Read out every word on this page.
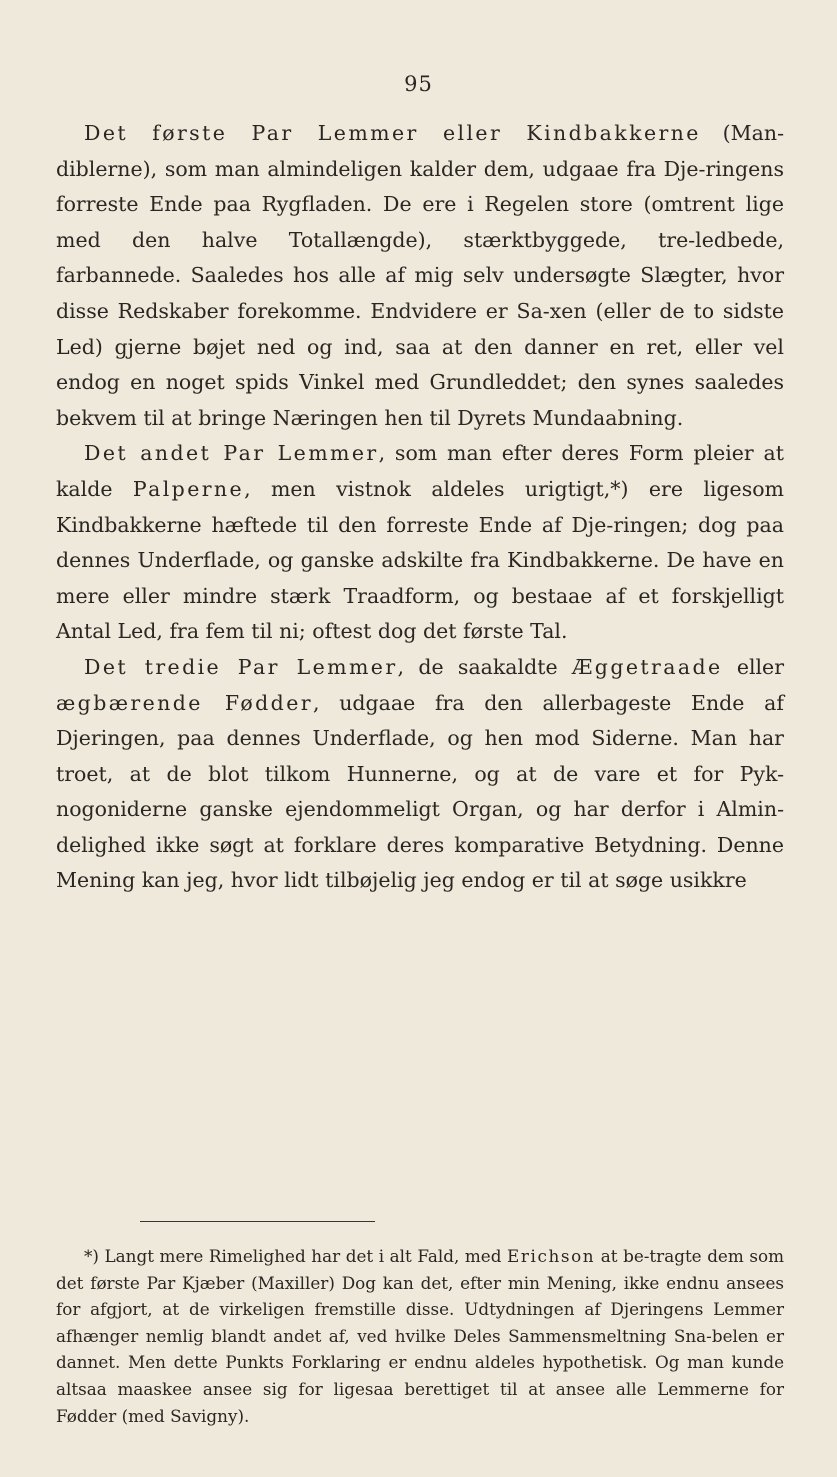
95

Det første Par Lemmer eller Kindbakkerne (Man-diblerne), som man almindeligen kalder dem, udgaae fra Dje-ringens forreste Ende paa Rygfladen. De ere i Regelen store (omtrent lige med den halve Totallængde), stærktbyggede, tre-ledbede, farbannede. Saaledes hos alle af mig selv undersøgte Slægter, hvor disse Redskaber forekomme. Endvidere er Sa-xen (eller de to sidste Led) gjerne bøjet ned og ind, saa at den danner en ret, eller vel endog en noget spids Vinkel med Grundleddet; den synes saaledes bekvem til at bringe Næringen hen til Dyrets Mundaabning.

Det andet Par Lemmer, som man efter deres Form pleier at kalde Palperne, men vistnok aldeles urigtigt,*) ere ligesom Kindbakkerne hæftede til den forreste Ende af Dje-ringen; dog paa dennes Underflade, og ganske adskilte fra Kindbakkerne. De have en mere eller mindre stærk Traadform, og bestaae af et forskjelligt Antal Led, fra fem til ni; oftest dog det første Tal.

Det tredie Par Lemmer, de saakaldte Æggetraade eller ægbærende Fødder, udgaae fra den allerbageste Ende af Djeringen, paa dennes Underflade, og hen mod Siderne. Man har troet, at de blot tilkom Hunnerne, og at de vare et for Pyk-nogoniderne ganske ejendommeligt Organ, og har derfor i Almin-delighed ikke søgt at forklare deres komparative Betydning. Denne Mening kan jeg, hvor lidt tilbøjelig jeg endog er til at søge usikkre

*) Langt mere Rimelighed har det i alt Fald, med Erichson at be-tragte dem som det første Par Kjæber (Maxiller) Dog kan det, efter min Mening, ikke endnu ansees for afgjort, at de virkeligen fremstille disse. Udtydningen af Djeringens Lemmer afhænger nemlig blandt andet af, ved hvilke Deles Sammensmeltning Sna-belen er dannet. Men dette Punkts Forklaring er endnu aldeles hypothetisk. Og man kunde altsaa maaskee ansee sig for ligesaa berettiget til at ansee alle Lemmerne for Fødder (med Savigny).
